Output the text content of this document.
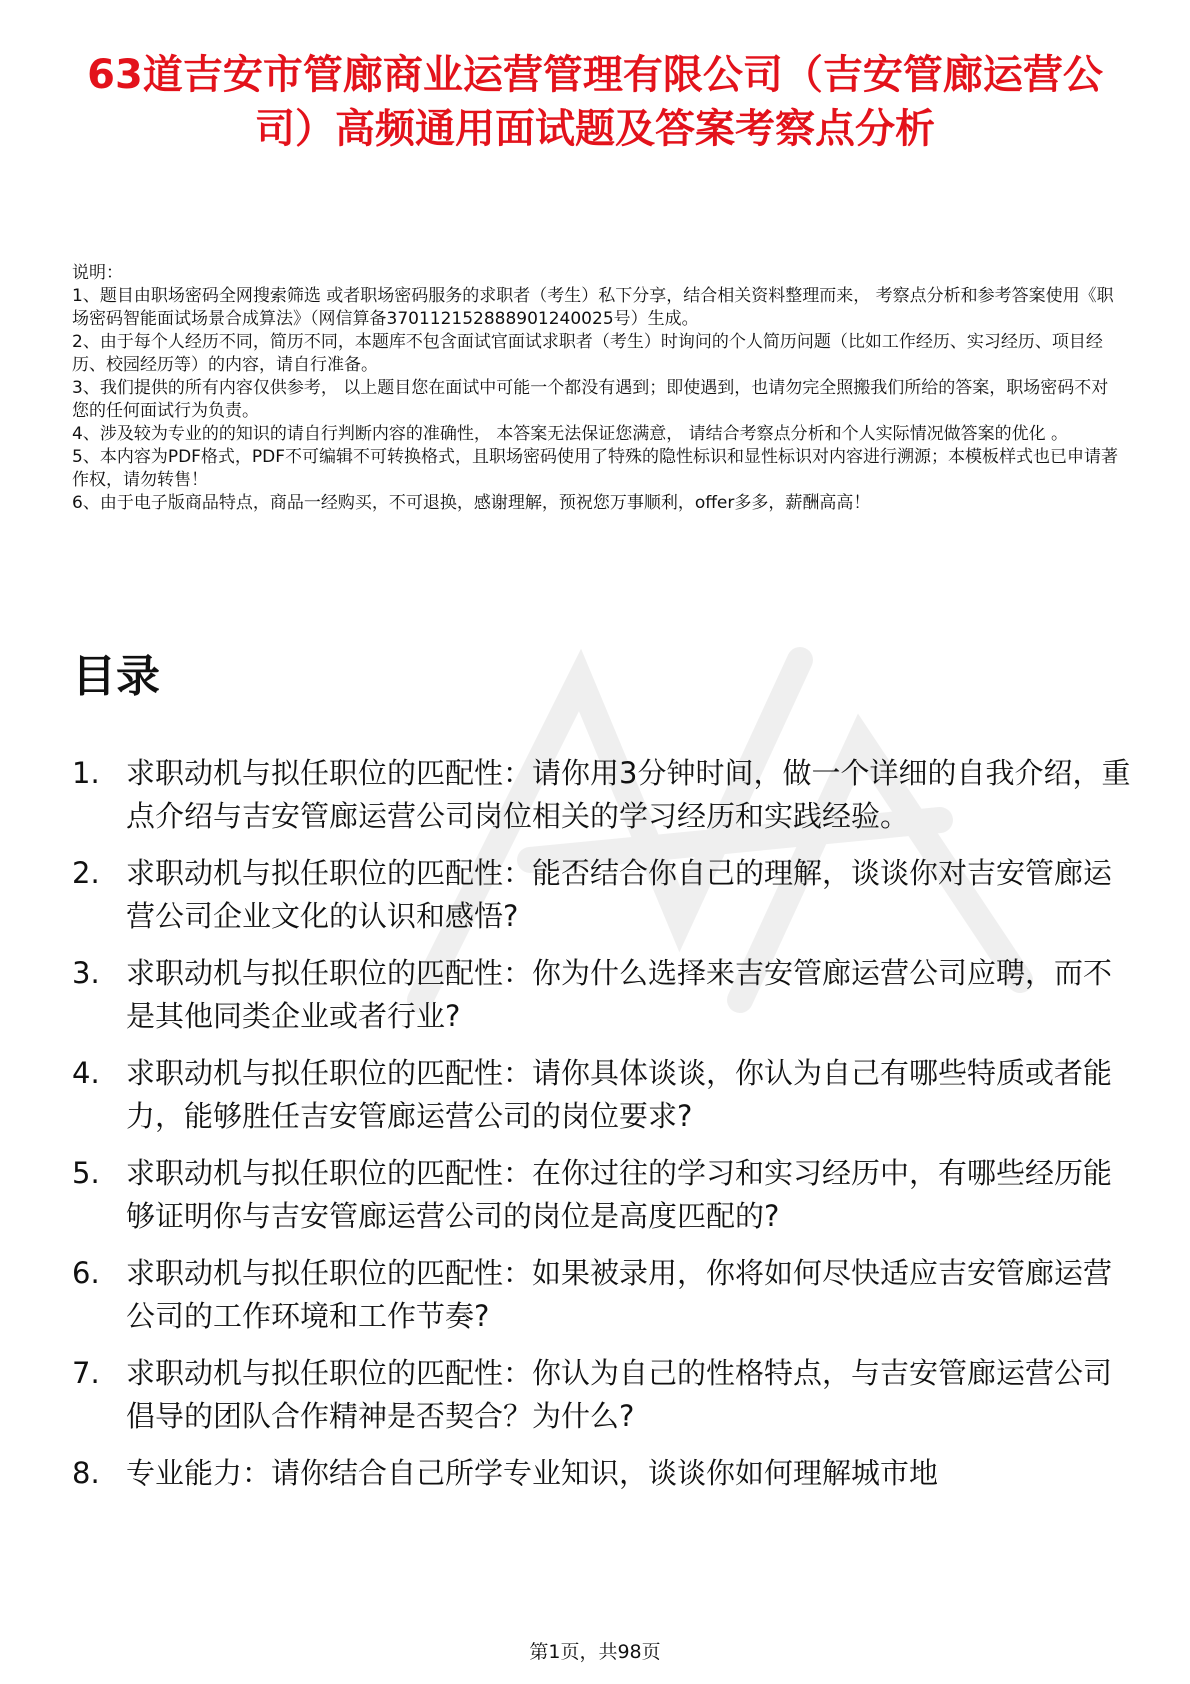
63道吉安市管廊商业运营管理有限公司（吉安管廊运营公司）高频通用面试题及答案考察点分析

说明：

1、题目由职场密码全网搜索筛选 或者职场密码服务的求职者（考生）私下分享，结合相关资料整理而来， 考察点分析和参考答案使用《职场密码智能面试场景合成算法》（网信算备370112152888901240025号）生成。

2、由于每个人经历不同，简历不同，本题库不包含面试官面试求职者（考生）时询问的个人简历问题（比如工作经历、实习经历、项目经历、校园经历等）的内容，请自行准备。

3、我们提供的所有内容仅供参考， 以上题目您在面试中可能一个都没有遇到；即使遇到，也请勿完全照搬我们所给的答案，职场密码不对您的任何面试行为负责。

4、涉及较为专业的的知识的请自行判断内容的准确性， 本答案无法保证您满意， 请结合考察点分析和个人实际情况做答案的优化 。

5、本内容为PDF格式，PDF不可编辑不可转换格式，且职场密码使用了特殊的隐性标识和显性标识对内容进行溯源；本模板样式也已申请著作权，请勿转售！

6、由于电子版商品特点，商品一经购买，不可退换，感谢理解，预祝您万事顺利，offer多多，薪酬高高！

目录
1. 求职动机与拟任职位的匹配性：请你用3分钟时间，做一个详细的自我介绍，重点介绍与吉安管廊运营公司岗位相关的学习经历和实践经验。
2. 求职动机与拟任职位的匹配性：能否结合你自己的理解，谈谈你对吉安管廊运营公司企业文化的认识和感悟?
3. 求职动机与拟任职位的匹配性：你为什么选择来吉安管廊运营公司应聘，而不是其他同类企业或者行业?
4. 求职动机与拟任职位的匹配性：请你具体谈谈，你认为自己有哪些特质或者能力，能够胜任吉安管廊运营公司的岗位要求?
5. 求职动机与拟任职位的匹配性：在你过往的学习和实习经历中，有哪些经历能够证明你与吉安管廊运营公司的岗位是高度匹配的?
6. 求职动机与拟任职位的匹配性：如果被录用，你将如何尽快适应吉安管廊运营公司的工作环境和工作节奏?
7. 求职动机与拟任职位的匹配性：你认为自己的性格特点，与吉安管廊运营公司倡导的团队合作精神是否契合？为什么?
8. 专业能力：请你结合自己所学专业知识，谈谈你如何理解城市地
第1页，共98页
